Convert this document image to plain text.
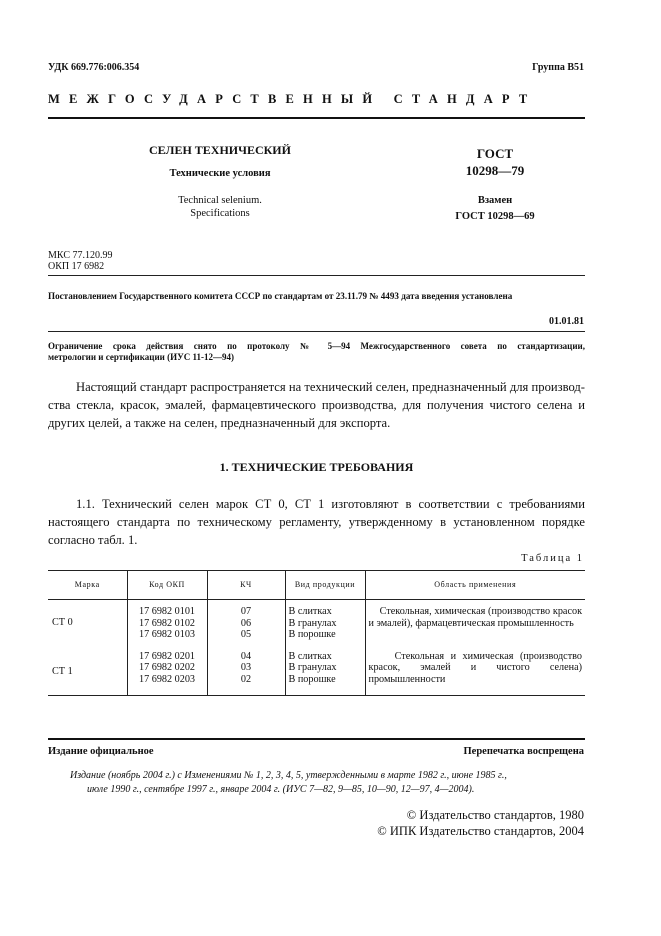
УДК 669.776:006.354	Группа В51
МЕЖГОСУДАРСТВЕННЫЙ СТАНДАРТ
СЕЛЕН ТЕХНИЧЕСКИЙ
Технические условия
Technical selenium.
Specifications
ГОСТ
10298—79
Взамен
ГОСТ 10298—69
МКС 77.120.99
ОКП 17 6982
Постановлением Государственного комитета СССР по стандартам от 23.11.79 № 4493 дата введения установлена
01.01.81
Ограничение срока действия снято по протоколу № 5—94 Межгосударственного совета по стандартизации,
метрологии и сертификации (ИУС 11-12—94)
Настоящий стандарт распространяется на технический селен, предназначенный для производ-
ства стекла, красок, эмалей, фармацевтического производства, для получения чистого селена и
других целей, а также на селен, предназначенный для экспорта.
1. ТЕХНИЧЕСКИЕ ТРЕБОВАНИЯ
1.1. Технический селен марок СТ 0, СТ 1 изготовляют в соответствии с требованиями
настоящего стандарта по техническому регламенту, утвержденному в установленном порядке
согласно табл. 1.
Таблица 1
Марка	Код ОКП	КЧ	Вид продукции	Область применения
СТ 0	17 6982 0101
17 6982 0102
17 6982 0103	07
06
05	В слитках
В гранулах
В порошке	Стекольная, химическая (производство красок и эмалей), фармацевтическая промышленность
СТ 1	17 6982 0201
17 6982 0202
17 6982 0203	04
03
02	В слитках
В гранулах
В порошке	Стекольная и химическая (производство красок, эмалей и чистого селена) промышленности
Издание официальное	Перепечатка воспрещена
Издание (ноябрь 2004 г.) с Изменениями № 1, 2, 3, 4, 5, утвержденными в марте 1982 г., июне 1985 г.,
июле 1990 г., сентябре 1997 г., январе 2004 г. (ИУС 7—82, 9—85, 10—90, 12—97, 4—2004).
© Издательство стандартов, 1980
© ИПК Издательство стандартов, 2004
